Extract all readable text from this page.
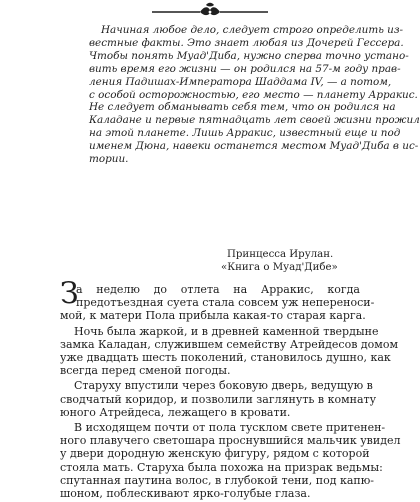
Начиная любое дело, следует строго определить из-
вестные факты. Это знает любая из Дочерей Гессера.
Чтобы понять Муад'Диба, нужно сперва точно устано-
вить время его жизни — он родился на 57-м году прав-
ления Падишах-Императора Шаддама IV, — а потом,
с особой осторожностью, его место — планету Арракис.
Не следует обманывать себя тем, что он родился на
Каладане и первые пятнадцать лет своей жизни прожил
на этой планете. Лишь Арракис, известный еще и под
именем Дюна, навеки останется местом Муад'Диба в ис-
тории.
Принцесса Ирулан.
«Книга о Муад'Дибе»
З
а неделю до отлета на Арракис, когда
предотъездная суета стала совсем уж непереноси-
мой, к матери Пола прибыла какая-то старая карга.
Ночь была жаркой, и в древней каменной твердыне
замка Каладан, служившем семейству Атрейдесов домом
уже двадцать шесть поколений, становилось душно, как
всегда перед сменой погоды.
Старуху впустили через боковую дверь, ведущую в
сводчатый коридор, и позволили заглянуть в комнату
юного Атрейдеса, лежащего в кровати.
В исходящем почти от пола тусклом свете притенен-
ного плавучего светошара проснувшийся мальчик увидел
у двери дородную женскую фигуру, рядом с которой
стояла мать. Старуха была похожа на призрак ведьмы:
спутанная паутина волос, в глубокой тени, под капю-
шоном, поблескивают ярко-голубые глаза.
